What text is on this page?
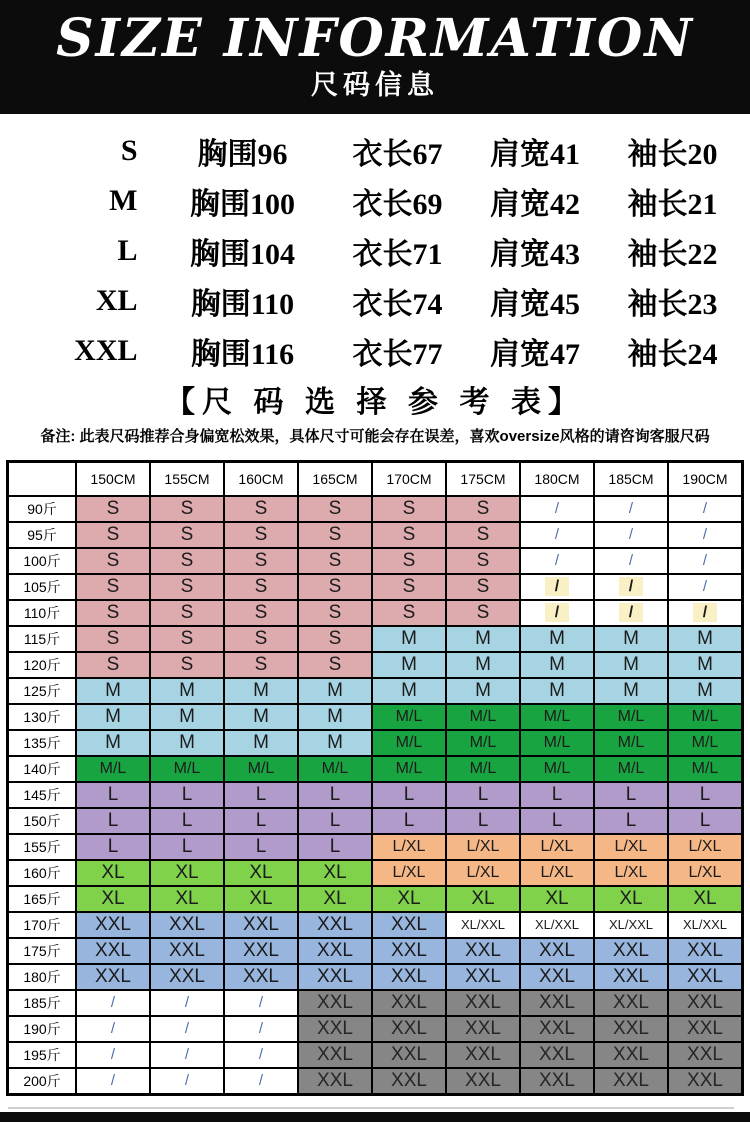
SIZE INFORMATION
尺码信息
S	胸围96	衣长67	肩宽41	袖长20
M	胸围100	衣长69	肩宽42	袖长21
L	胸围104	衣长71	肩宽43	袖长22
XL	胸围110	衣长74	肩宽45	袖长23
XXL	胸围116	衣长77	肩宽47	袖长24
【尺 码 选 择 参 考 表】
备注: 此表尺码推荐合身偏宽松效果，具体尺寸可能会存在误差，喜欢oversize风格的请咨询客服尺码
	150CM	155CM	160CM	165CM	170CM	175CM	180CM	185CM	190CM
90斤	S	S	S	S	S	S	/	/	/
95斤	S	S	S	S	S	S	/	/	/
100斤	S	S	S	S	S	S	/	/	/
105斤	S	S	S	S	S	S	/	/	/
110斤	S	S	S	S	S	S	/	/	/
115斤	S	S	S	S	M	M	M	M	M
120斤	S	S	S	S	M	M	M	M	M
125斤	M	M	M	M	M	M	M	M	M
130斤	M	M	M	M	M/L	M/L	M/L	M/L	M/L
135斤	M	M	M	M	M/L	M/L	M/L	M/L	M/L
140斤	M/L	M/L	M/L	M/L	M/L	M/L	M/L	M/L	M/L
145斤	L	L	L	L	L	L	L	L	L
150斤	L	L	L	L	L	L	L	L	L
155斤	L	L	L	L	L/XL	L/XL	L/XL	L/XL	L/XL
160斤	XL	XL	XL	XL	L/XL	L/XL	L/XL	L/XL	L/XL
165斤	XL	XL	XL	XL	XL	XL	XL	XL	XL
170斤	XXL	XXL	XXL	XXL	XXL	XL/XXL	XL/XXL	XL/XXL	XL/XXL
175斤	XXL	XXL	XXL	XXL	XXL	XXL	XXL	XXL	XXL
180斤	XXL	XXL	XXL	XXL	XXL	XXL	XXL	XXL	XXL
185斤	/	/	/	XXL	XXL	XXL	XXL	XXL	XXL
190斤	/	/	/	XXL	XXL	XXL	XXL	XXL	XXL
195斤	/	/	/	XXL	XXL	XXL	XXL	XXL	XXL
200斤	/	/	/	XXL	XXL	XXL	XXL	XXL	XXL
